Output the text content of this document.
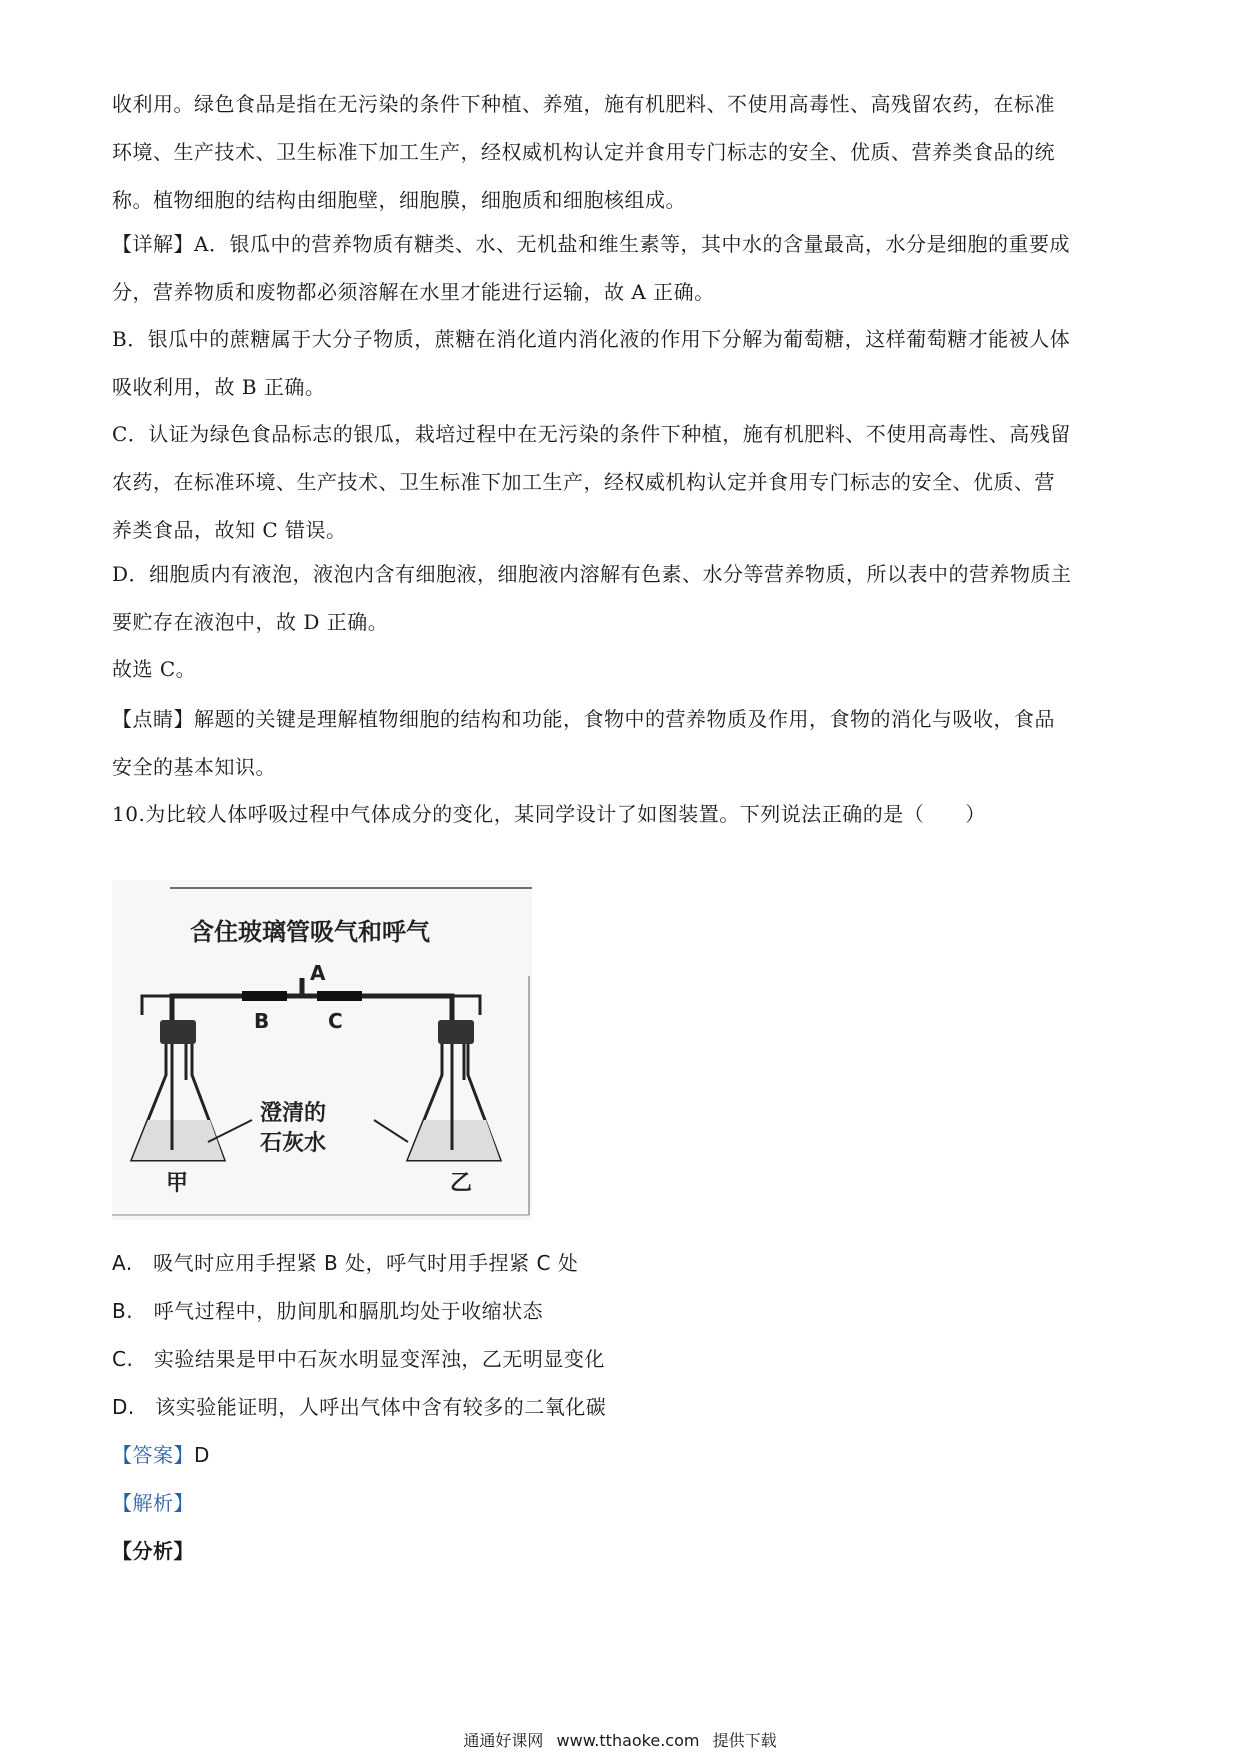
收利用。绿色食品是指在无污染的条件下种植、养殖，施有机肥料、不使用高毒性、高残留农药，在标准
环境、生产技术、卫生标准下加工生产，经权威机构认定并食用专门标志的安全、优质、营养类食品的统
称。植物细胞的结构由细胞壁，细胞膜，细胞质和细胞核组成。
【详解】A．银瓜中的营养物质有糖类、水、无机盐和维生素等，其中水的含量最高，水分是细胞的重要成
分，营养物质和废物都必须溶解在水里才能进行运输，故 A 正确。
B．银瓜中的蔗糖属于大分子物质，蔗糖在消化道内消化液的作用下分解为葡萄糖，这样葡萄糖才能被人体
吸收利用，故 B 正确。
C．认证为绿色食品标志的银瓜，栽培过程中在无污染的条件下种植，施有机肥料、不使用高毒性、高残留
农药，在标准环境、生产技术、卫生标准下加工生产，经权威机构认定并食用专门标志的安全、优质、营
养类食品，故知 C 错误。
D．细胞质内有液泡，液泡内含有细胞液，细胞液内溶解有色素、水分等营养物质，所以表中的营养物质主
要贮存在液泡中，故 D 正确。
故选 C。
【点睛】解题的关键是理解植物细胞的结构和功能，食物中的营养物质及作用，食物的消化与吸收，食品
安全的基本知识。
10.为比较人体呼吸过程中气体成分的变化，某同学设计了如图装置。下列说法正确的是（　　）
含住玻璃管吸气和呼气
A
B	C
澄清的
石灰水
甲	乙
A.　吸气时应用手捏紧 B 处，呼气时用手捏紧 C 处
B.　呼气过程中，肋间肌和膈肌均处于收缩状态
C.　实验结果是甲中石灰水明显变浑浊，乙无明显变化
D.　该实验能证明，人呼出气体中含有较多的二氧化碳
【答案】D
【解析】
【分析】
通通好课网 www.tthaoke.com 提供下载
